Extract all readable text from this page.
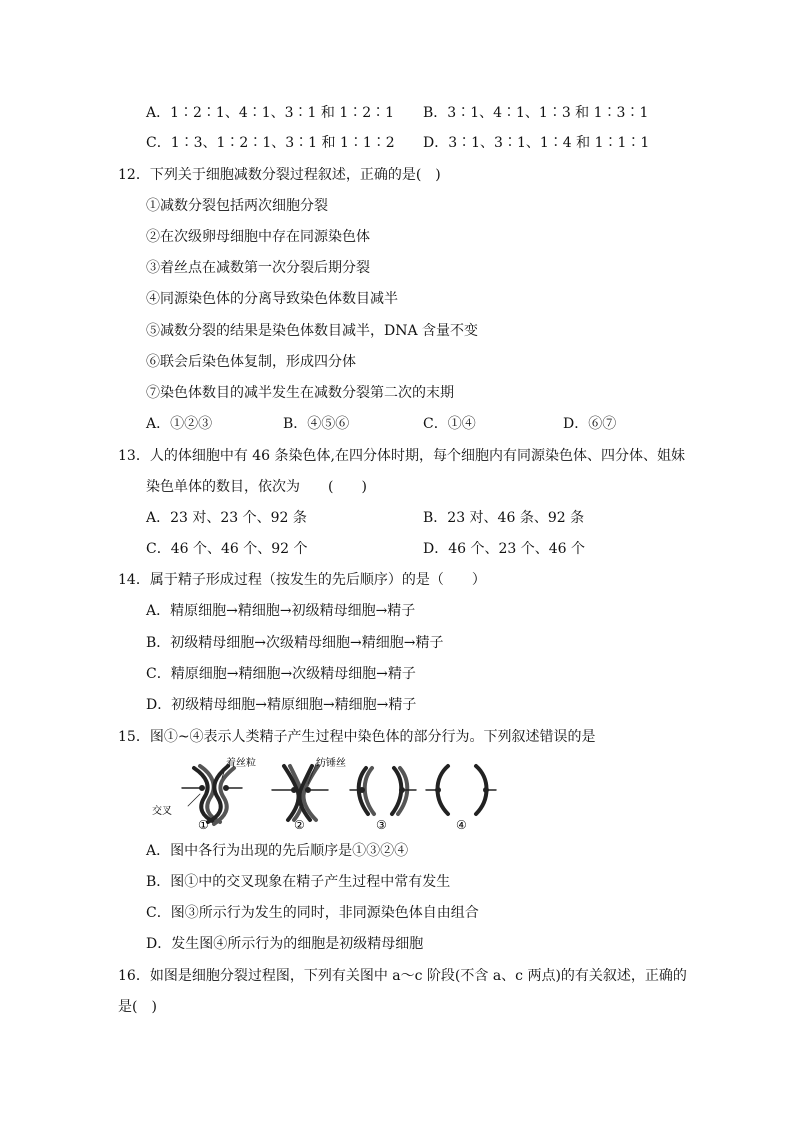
A．1∶2∶1、4∶1、3∶1 和 1∶2∶1 B．3∶1、4∶1、1∶3 和 1∶3∶1
C．1∶3、1∶2∶1、3∶1 和 1∶1∶2 D．3∶1、3∶1、1∶4 和 1∶1∶1
12．下列关于细胞减数分裂过程叙述，正确的是(　)
①减数分裂包括两次细胞分裂
②在次级卵母细胞中存在同源染色体
③着丝点在减数第一次分裂后期分裂
④同源染色体的分离导致染色体数目减半
⑤减数分裂的结果是染色体数目减半，DNA 含量不变
⑥联会后染色体复制，形成四分体
⑦染色体数目的减半发生在减数分裂第二次的末期
A．①②③	B．④⑤⑥	C．①④	D．⑥⑦
13．人的体细胞中有 46 条染色体,在四分体时期，每个细胞内有同源染色体、四分体、姐妹
染色单体的数目，依次为　　(　　)
A．23 对、23 个、92 条	B．23 对、46 条、92 条
C．46 个、46 个、92 个	D．46 个、23 个、46 个
14．属于精子形成过程（按发生的先后顺序）的是（　　）
A．精原细胞→精细胞→初级精母细胞→精子
B．初级精母细胞→次级精母细胞→精细胞→精子
C．精原细胞→精细胞→次级精母细胞→精子
D．初级精母细胞→精原细胞→精细胞→精子
15．图①~④表示人类精子产生过程中染色体的部分行为。下列叙述错误的是
着丝粒	纺锤丝
交叉
①	②	③	④
A．图中各行为出现的先后顺序是①③②④
B．图①中的交叉现象在精子产生过程中常有发生
C．图③所示行为发生的同时，非同源染色体自由组合
D．发生图④所示行为的细胞是初级精母细胞
16．如图是细胞分裂过程图，下列有关图中 a～c 阶段(不含 a、c 两点)的有关叙述，正确的
是(　)
